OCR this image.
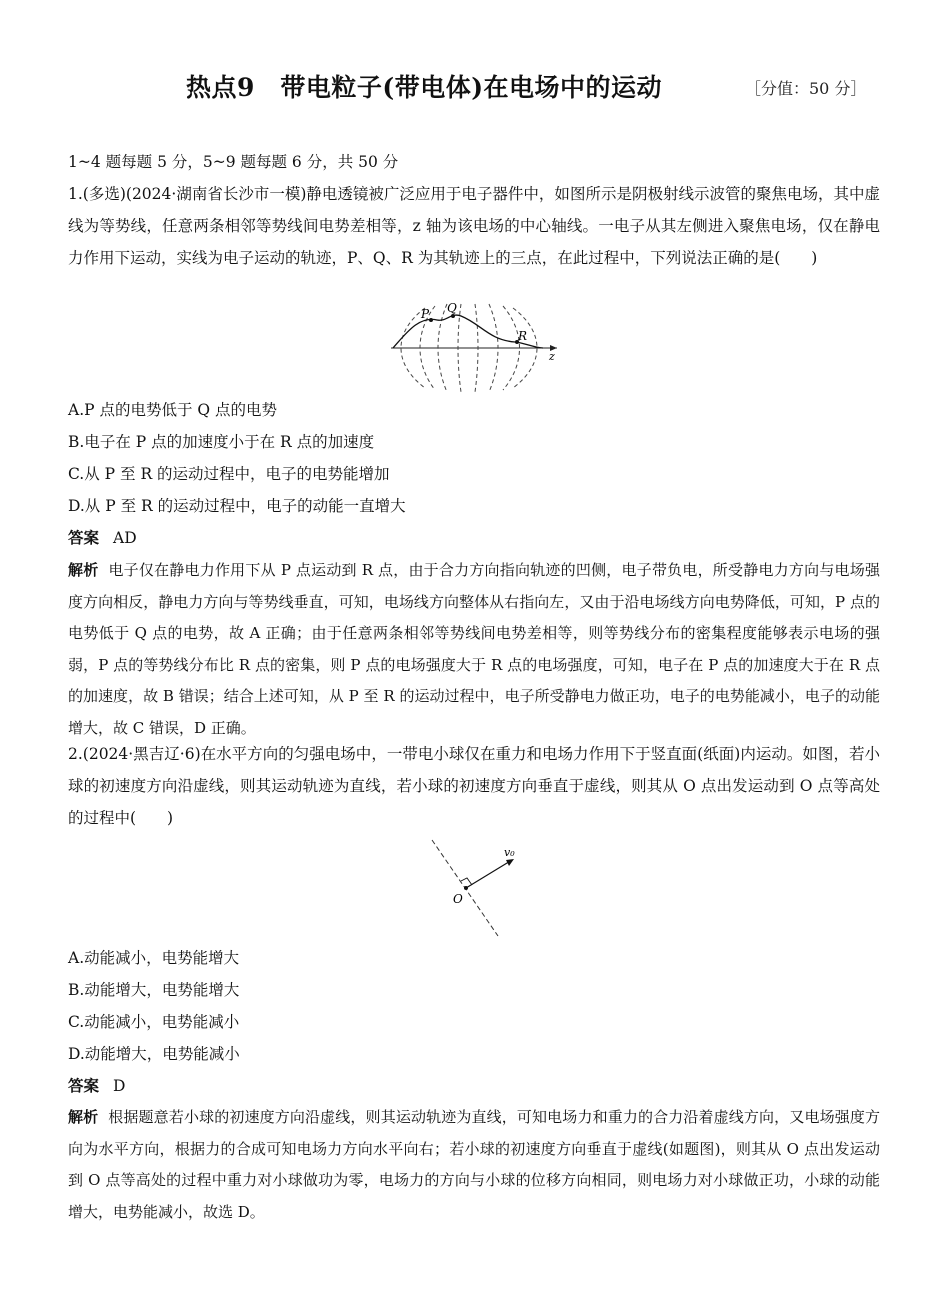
热点9　带电粒子(带电体)在电场中的运动	［分值：50 分］
1~4 题每题 5 分，5~9 题每题 6 分，共 50 分
1.(多选)(2024·湖南省长沙市一模)静电透镜被广泛应用于电子器件中，如图所示是阴极射线示波管的聚焦电场，其中虚线为等势线，任意两条相邻等势线间电势差相等，z 轴为该电场的中心轴线。一电子从其左侧进入聚焦电场，仅在静电力作用下运动，实线为电子运动的轨迹，P、Q、R 为其轨迹上的三点，在此过程中，下列说法正确的是(　　)
P Q
R
z
A.P 点的电势低于 Q 点的电势
B.电子在 P 点的加速度小于在 R 点的加速度
C.从 P 至 R 的运动过程中，电子的电势能增加
D.从 P 至 R 的运动过程中，电子的动能一直增大
答案 AD
解析 电子仅在静电力作用下从 P 点运动到 R 点，由于合力方向指向轨迹的凹侧，电子带负电，所受静电力方向与电场强度方向相反，静电力方向与等势线垂直，可知，电场线方向整体从右指向左，又由于沿电场线方向电势降低，可知，P 点的电势低于 Q 点的电势，故 A 正确；由于任意两条相邻等势线间电势差相等，则等势线分布的密集程度能够表示电场的强弱，P 点的等势线分布比 R 点的密集，则 P 点的电场强度大于 R 点的电场强度，可知，电子在 P 点的加速度大于在 R 点的加速度，故 B 错误；结合上述可知，从 P 至 R 的运动过程中，电子所受静电力做正功，电子的电势能减小，电子的动能增大，故 C 错误，D 正确。
2.(2024·黑吉辽·6)在水平方向的匀强电场中，一带电小球仅在重力和电场力作用下于竖直面(纸面)内运动。如图，若小球的初速度方向沿虚线，则其运动轨迹为直线，若小球的初速度方向垂直于虚线，则其从 O 点出发运动到 O 点等高处的过程中(　　)
O
v₀
A.动能减小，电势能增大
B.动能增大，电势能增大
C.动能减小，电势能减小
D.动能增大，电势能减小
答案 D
解析 根据题意若小球的初速度方向沿虚线，则其运动轨迹为直线，可知电场力和重力的合力沿着虚线方向，又电场强度方向为水平方向，根据力的合成可知电场力方向水平向右；若小球的初速度方向垂直于虚线(如题图)，则其从 O 点出发运动到 O 点等高处的过程中重力对小球做功为零，电场力的方向与小球的位移方向相同，则电场力对小球做正功，小球的动能增大，电势能减小，故选 D。
